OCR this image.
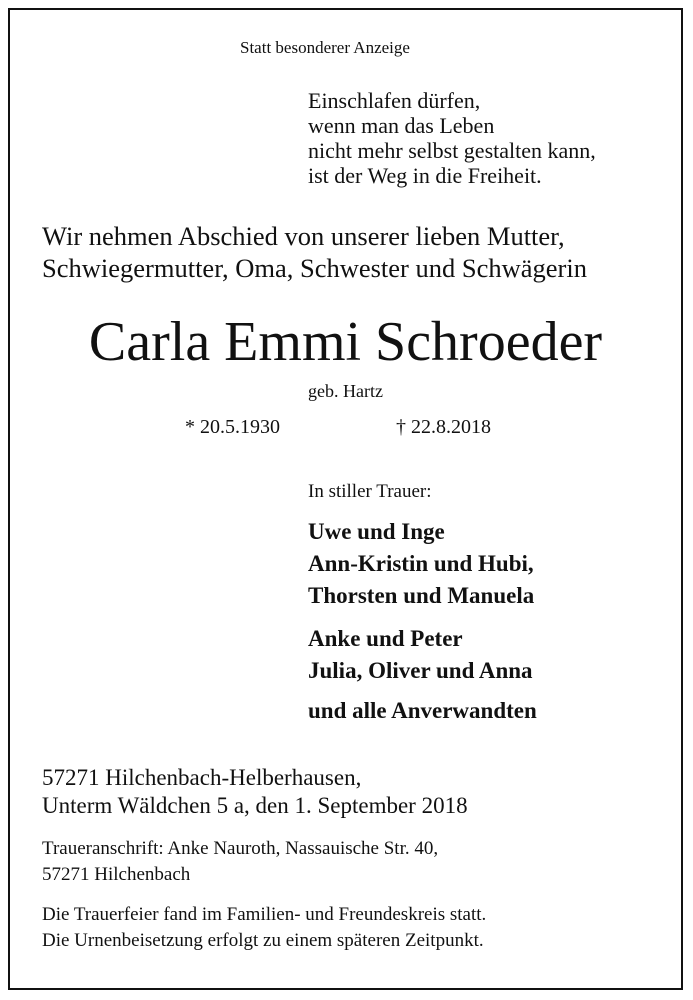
Statt besonderer Anzeige

Einschlafen dürfen,
wenn man das Leben
nicht mehr selbst gestalten kann,
ist der Weg in die Freiheit.
Wir nehmen Abschied von unserer lieben Mutter,
Schwiegermutter, Oma, Schwester und Schwägerin

Carla Emmi Schroeder

geb. Hartz

* 20.5.1930	† 22.8.2018

In stiller Trauer:

Uwe und Inge
Ann-Kristin und Hubi,
Thorsten und Manuela
Anke und Peter
Julia, Oliver und Anna

und alle Anverwandten

57271 Hilchenbach-Helberhausen,
Unterm Wäldchen 5 a, den 1. September 2018
Traueranschrift: Anke Nauroth, Nassauische Str. 40,
57271 Hilchenbach
Die Trauerfeier fand im Familien- und Freundeskreis statt.
Die Urnenbeisetzung erfolgt zu einem späteren Zeitpunkt.
